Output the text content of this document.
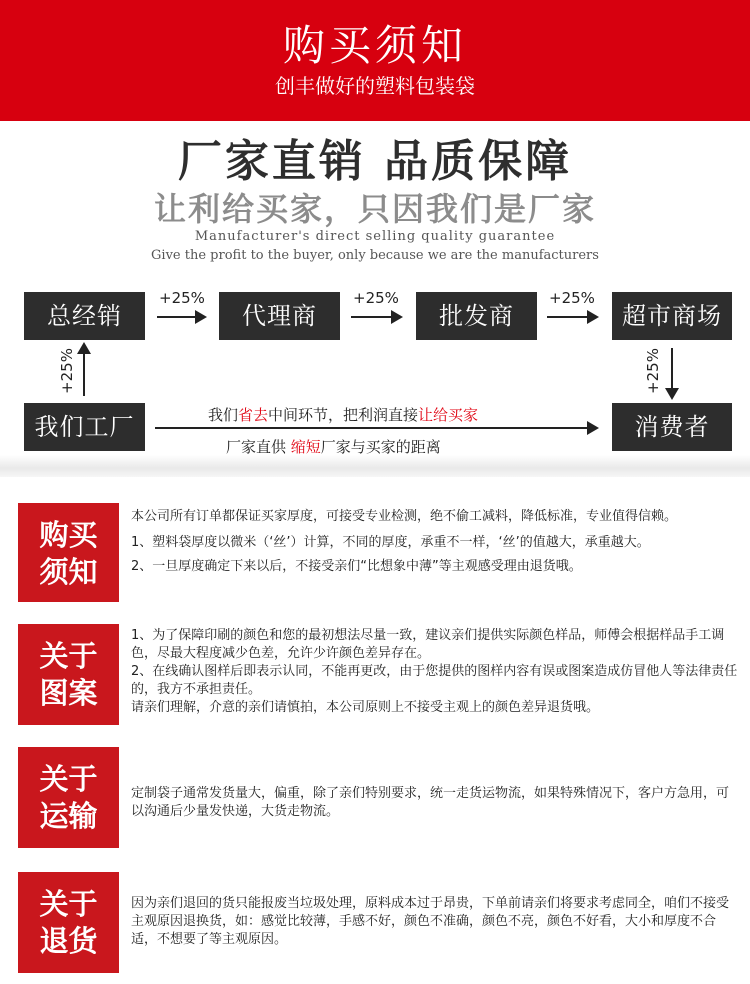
购买须知
创丰做好的塑料包装袋
厂家直销 品质保障
让利给买家，只因我们是厂家
Manufacturer's direct selling quality guarantee
Give the profit to the buyer, only because we are the manufacturers
总经销
+25%
代理商
+25%
批发商
+25%
超市商场
+25%	+25%
我们工厂	消费者
我们省去中间环节，把利润直接让给买家
厂家直供 缩短厂家与买家的距离
购买
须知

本公司所有订单都保证买家厚度，可接受专业检测，绝不偷工减料，降低标准，专业值得信赖。

1、塑料袋厚度以微米（‘丝’）计算，不同的厚度，承重不一样，‘丝’的值越大，承重越大。

2、一旦厚度确定下来以后，不接受亲们“比想象中薄”等主观感受理由退货哦。

关于
图案

1、为了保障印刷的颜色和您的最初想法尽量一致，建议亲们提供实际颜色样品，师傅会根据样品手工调色，尽最大程度减少色差，允许少许颜色差异存在。

2、在线确认图样后即表示认同，不能再更改，由于您提供的图样内容有误或图案造成仿冒他人等法律责任的，我方不承担责任。

请亲们理解，介意的亲们请慎拍，本公司原则上不接受主观上的颜色差异退货哦。

关于
运输

定制袋子通常发货量大，偏重，除了亲们特别要求，统一走货运物流，如果特殊情况下，客户方急用，可以沟通后少量发快递，大货走物流。

关于
退货

因为亲们退回的货只能报废当垃圾处理，原料成本过于昂贵，下单前请亲们将要求考虑同全，咱们不接受主观原因退换货，如：感觉比较薄，手感不好，颜色不准确，颜色不亮，颜色不好看，大小和厚度不合适，不想要了等主观原因。
